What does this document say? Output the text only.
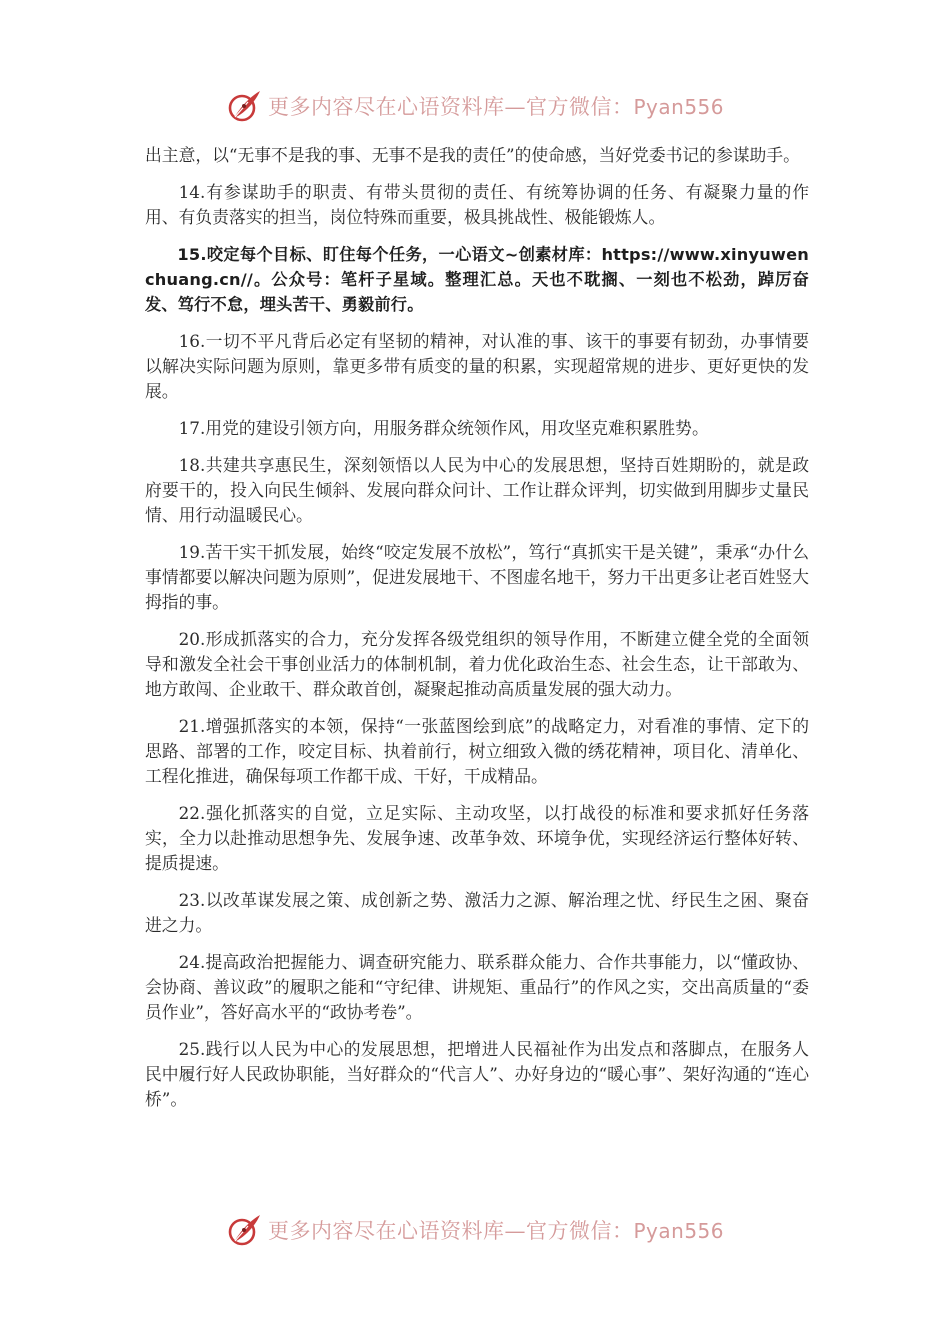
更多内容尽在心语资料库—官方微信：Pyan556

出主意，以“无事不是我的事、无事不是我的责任”的使命感，当好党委书记的参谋助手。

14.有参谋助手的职责、有带头贯彻的责任、有统筹协调的任务、有凝聚力量的作用、有负责落实的担当，岗位特殊而重要，极具挑战性、极能锻炼人。

15.咬定每个目标、盯住每个任务，一心语文~创素材库：https://www.xinyuwenchuang.cn//。公众号：笔杆子星域。整理汇总。天也不耽搁、一刻也不松劲，踔厉奋发、笃行不怠，埋头苦干、勇毅前行。

16.一切不平凡背后必定有坚韧的精神，对认准的事、该干的事要有韧劲，办事情要以解决实际问题为原则，靠更多带有质变的量的积累，实现超常规的进步、更好更快的发展。

17.用党的建设引领方向，用服务群众统领作风，用攻坚克难积累胜势。

18.共建共享惠民生，深刻领悟以人民为中心的发展思想，坚持百姓期盼的，就是政府要干的，投入向民生倾斜、发展向群众问计、工作让群众评判，切实做到用脚步丈量民情、用行动温暖民心。

19.苦干实干抓发展，始终“咬定发展不放松”，笃行“真抓实干是关键”，秉承“办什么事情都要以解决问题为原则”，促进发展地干、不图虚名地干，努力干出更多让老百姓竖大拇指的事。

20.形成抓落实的合力，充分发挥各级党组织的领导作用，不断建立健全党的全面领导和激发全社会干事创业活力的体制机制，着力优化政治生态、社会生态，让干部敢为、地方敢闯、企业敢干、群众敢首创，凝聚起推动高质量发展的强大动力。

21.增强抓落实的本领，保持“一张蓝图绘到底”的战略定力，对看准的事情、定下的思路、部署的工作，咬定目标、执着前行，树立细致入微的绣花精神，项目化、清单化、工程化推进，确保每项工作都干成、干好，干成精品。

22.强化抓落实的自觉，立足实际、主动攻坚，以打战役的标准和要求抓好任务落实，全力以赴推动思想争先、发展争速、改革争效、环境争优，实现经济运行整体好转、提质提速。

23.以改革谋发展之策、成创新之势、激活力之源、解治理之忧、纾民生之困、聚奋进之力。

24.提高政治把握能力、调查研究能力、联系群众能力、合作共事能力，以“懂政协、会协商、善议政”的履职之能和“守纪律、讲规矩、重品行”的作风之实，交出高质量的“委员作业”，答好高水平的“政协考卷”。

25.践行以人民为中心的发展思想，把增进人民福祉作为出发点和落脚点，在服务人民中履行好人民政协职能，当好群众的“代言人”、办好身边的“暖心事”、架好沟通的“连心桥”。

更多内容尽在心语资料库—官方微信：Pyan556
